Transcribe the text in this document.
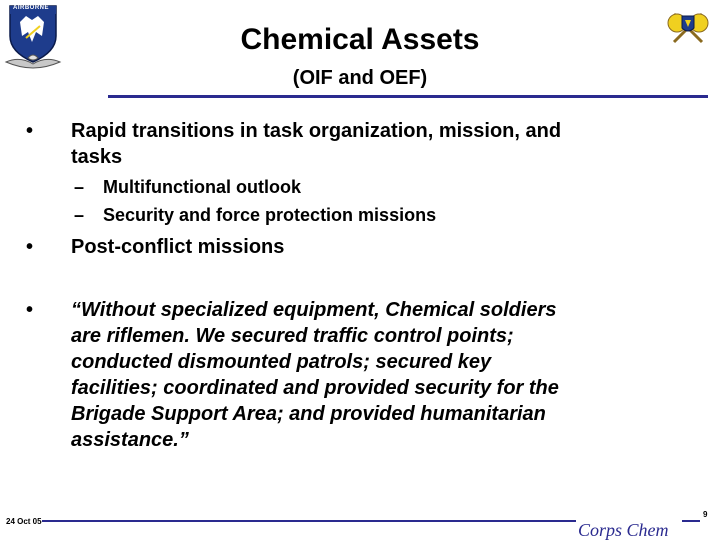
AIRBORNE
Chemical Assets
(OIF and OEF)
•	Rapid transitions in task organization, mission, and
tasks
–	Multifunctional outlook
–	Security and force protection missions
•	Post-conflict missions
•	“Without specialized equipment, Chemical soldiers
are riflemen. We secured traffic control points;
conducted dismounted patrols; secured key
facilities; coordinated and provided security for the
Brigade Support Area; and provided humanitarian
assistance.”
24 Oct 05	Corps Chem
9
